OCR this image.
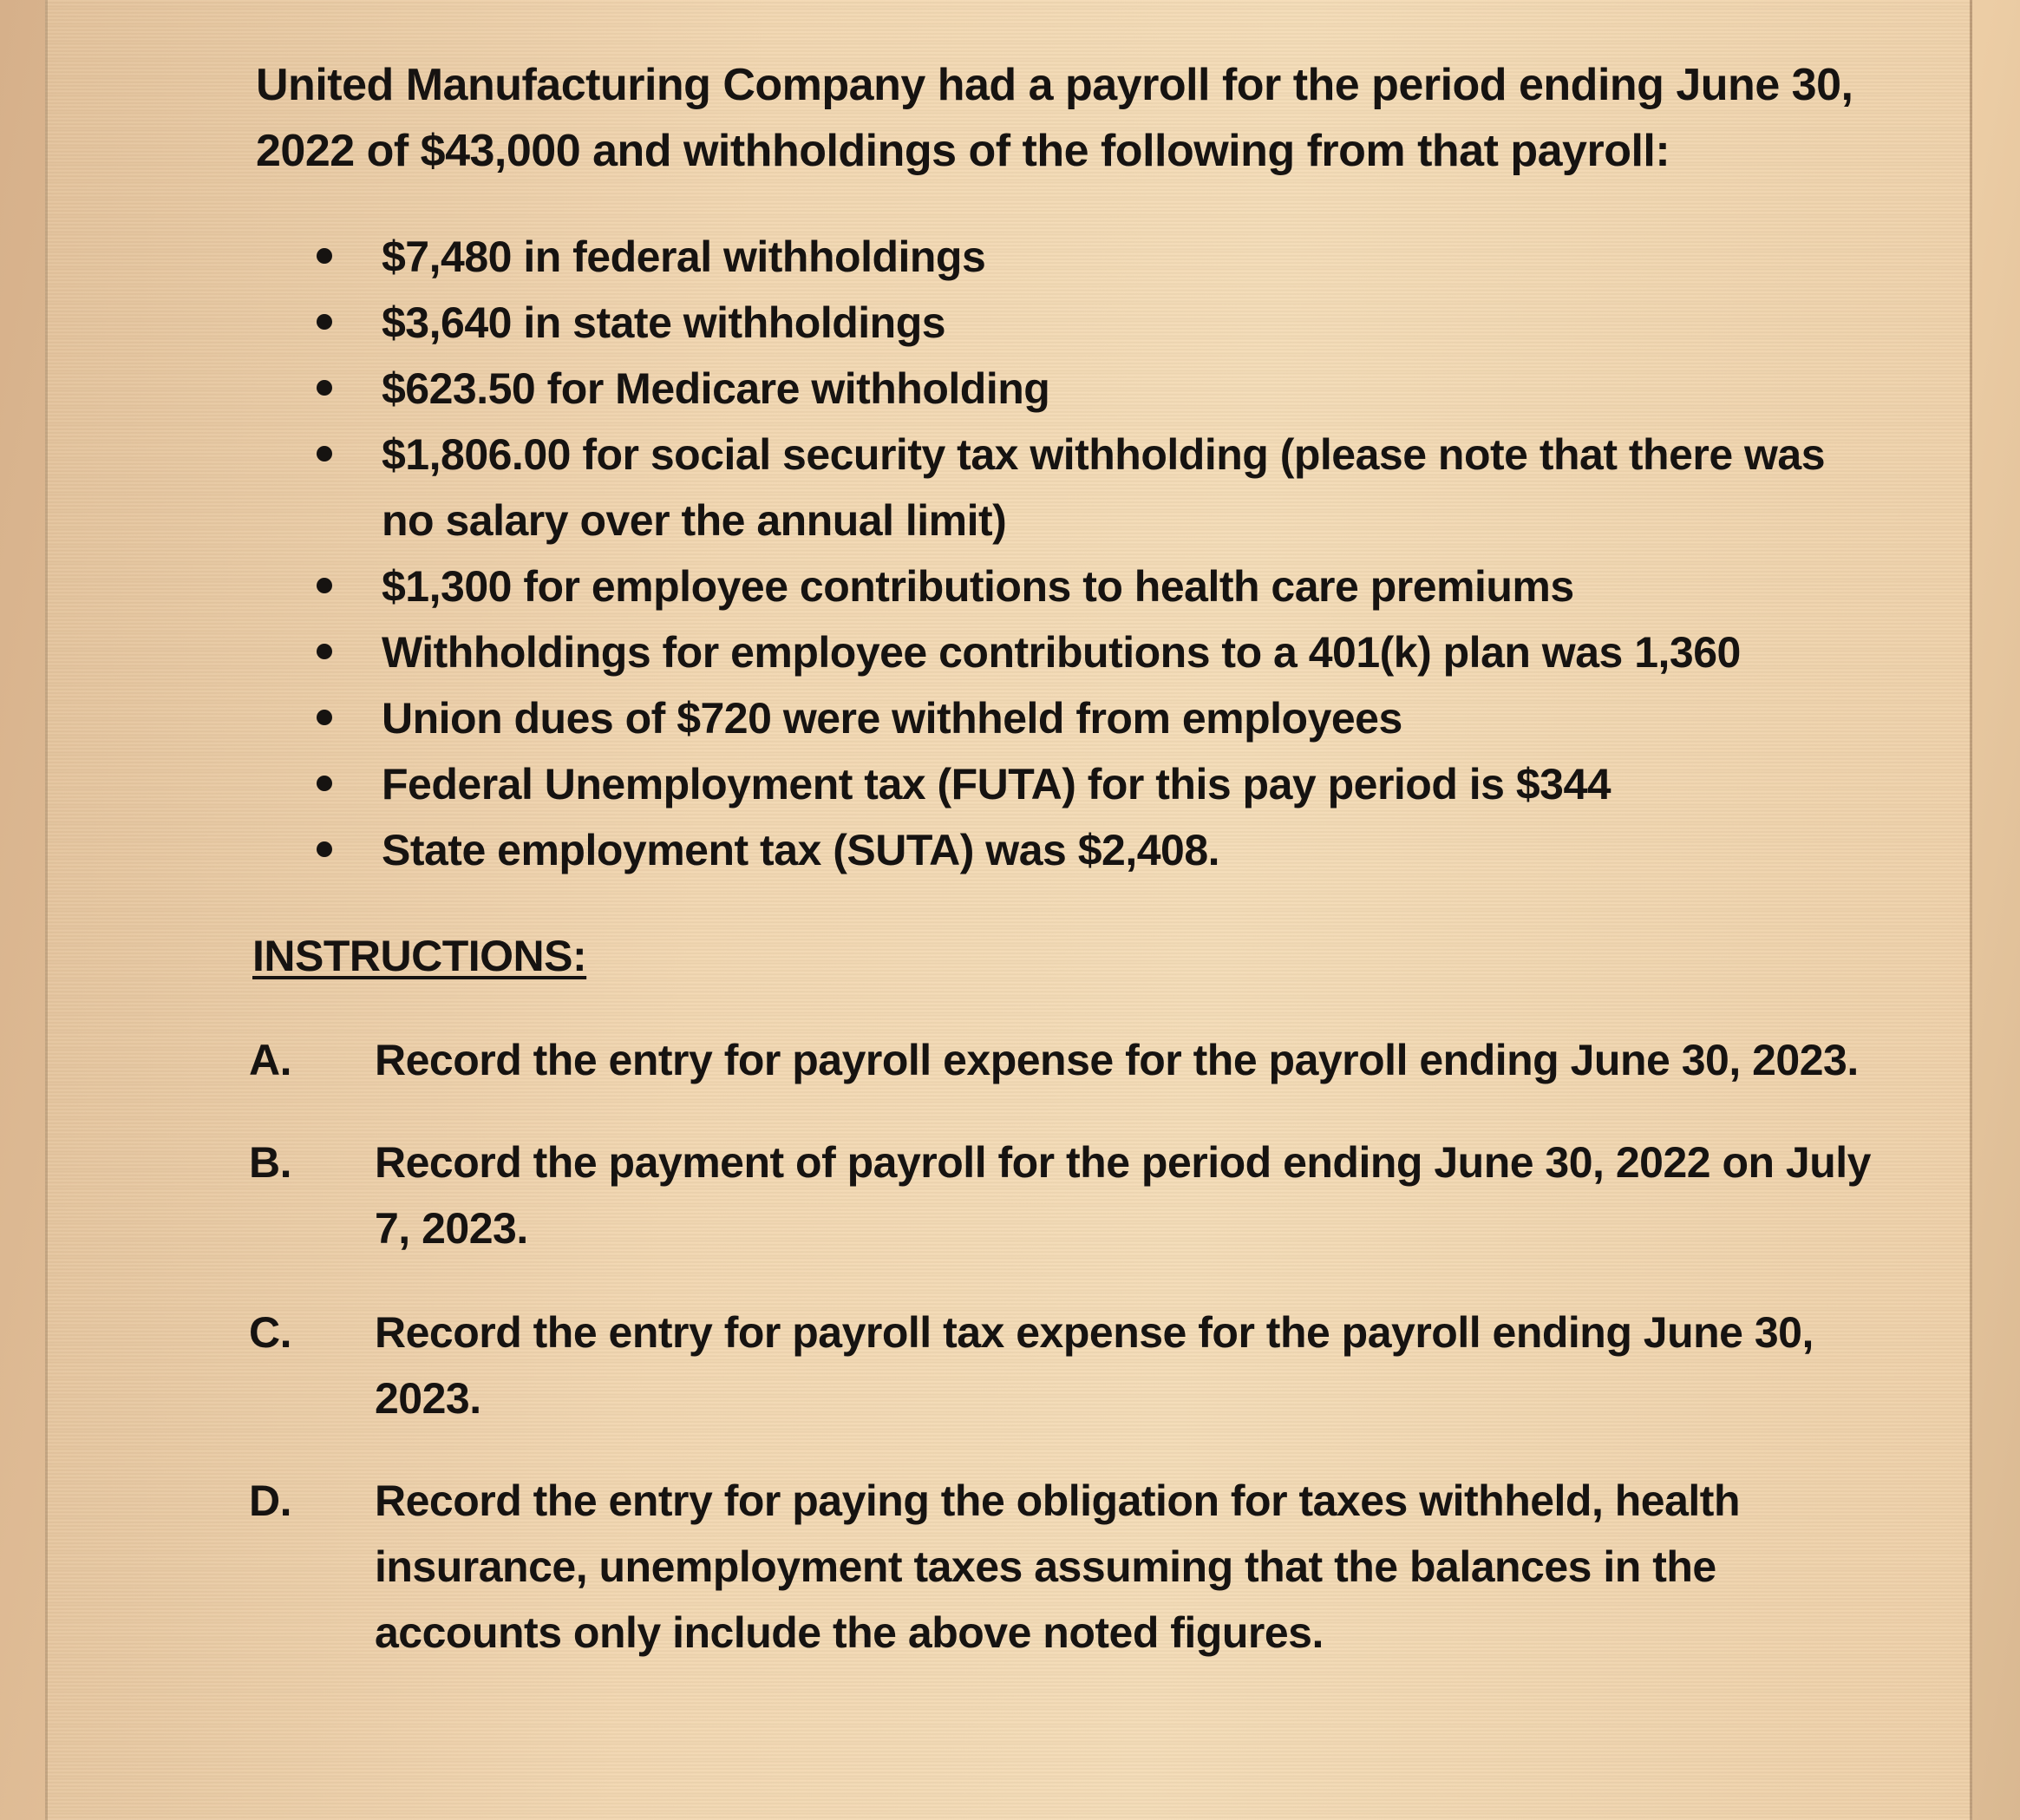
United Manufacturing Company had a payroll for the period ending June 30, 2022 of $43,000 and withholdings of the following from that payroll:

$7,480 in federal withholdings
$3,640 in state withholdings
$623.50 for Medicare withholding
$1,806.00 for social security tax withholding (please note that there was no salary over the annual limit)
$1,300 for employee contributions to health care premiums
Withholdings for employee contributions to a 401(k) plan was 1,360
Union dues of $720 were withheld from employees
Federal Unemployment tax (FUTA) for this pay period is $344
State employment tax (SUTA) was $2,408.

INSTRUCTIONS:

A.	Record the entry for payroll expense for the payroll ending June 30, 2023.
B.	Record the payment of payroll for the period ending June 30, 2022 on July 7, 2023.
C.	Record the entry for payroll tax expense for the payroll ending June 30, 2023.
D.	Record the entry for paying the obligation for taxes withheld, health insurance, unemployment taxes assuming that the balances in the accounts only include the above noted figures.
